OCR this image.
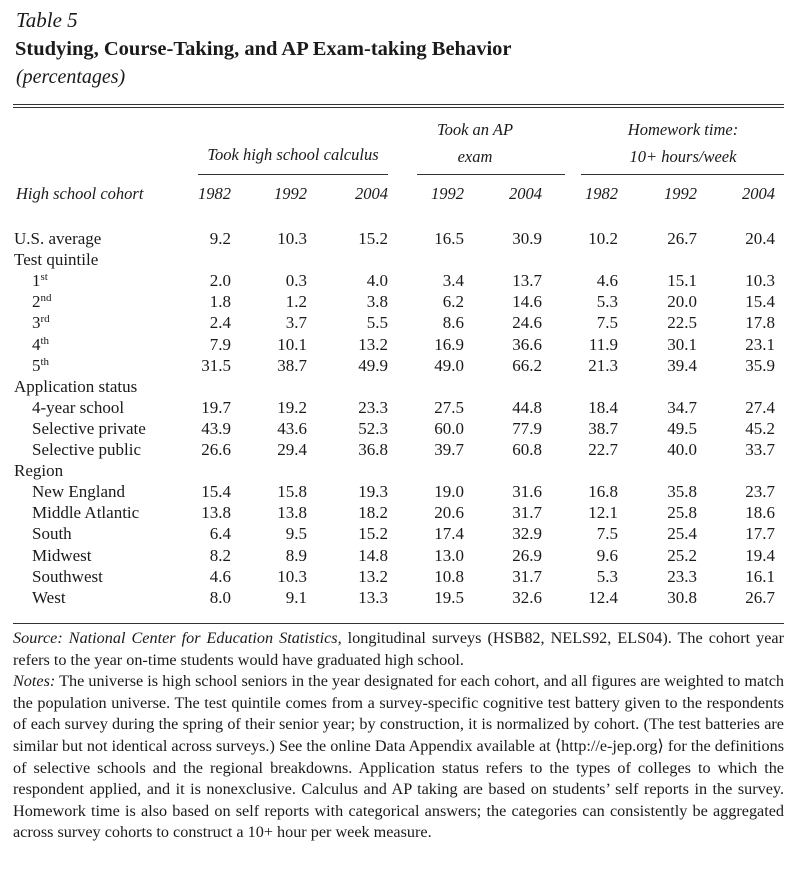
Table 5
Studying, Course-Taking, and AP Exam-taking Behavior
(percentages)
Took high school calculus
Took an AP
exam
Homework time:
10+ hours/week
High school cohort	1982	1992	2004	1992	2004	1982	1992	2004
U.S. average	9.2	10.3	15.2	16.5	30.9	10.2	26.7	20.4
Test quintile
1st	2.0	0.3	4.0	3.4	13.7	4.6	15.1	10.3
2nd	1.8	1.2	3.8	6.2	14.6	5.3	20.0	15.4
3rd	2.4	3.7	5.5	8.6	24.6	7.5	22.5	17.8
4th	7.9	10.1	13.2	16.9	36.6	11.9	30.1	23.1
5th	31.5	38.7	49.9	49.0	66.2	21.3	39.4	35.9
Application status
4-year school	19.7	19.2	23.3	27.5	44.8	18.4	34.7	27.4
Selective private	43.9	43.6	52.3	60.0	77.9	38.7	49.5	45.2
Selective public	26.6	29.4	36.8	39.7	60.8	22.7	40.0	33.7
Region
New England	15.4	15.8	19.3	19.0	31.6	16.8	35.8	23.7
Middle Atlantic	13.8	13.8	18.2	20.6	31.7	12.1	25.8	18.6
South	6.4	9.5	15.2	17.4	32.9	7.5	25.4	17.7
Midwest	8.2	8.9	14.8	13.0	26.9	9.6	25.2	19.4
Southwest	4.6	10.3	13.2	10.8	31.7	5.3	23.3	16.1
West	8.0	9.1	13.3	19.5	32.6	12.4	30.8	26.7

Source: National Center for Education Statistics, longitudinal surveys (HSB82, NELS92, ELS04). The cohort year refers to the year on-time students would have graduated high school.

Notes: The universe is high school seniors in the year designated for each cohort, and all figures are weighted to match the population universe. The test quintile comes from a survey-specific cognitive test battery given to the respondents of each survey during the spring of their senior year; by construction, it is normalized by cohort. (The test batteries are similar but not identical across surveys.) See the online Data Appendix available at ⟨http://e-jep.org⟩ for the definitions of selective schools and the regional breakdowns. Application status refers to the types of colleges to which the respondent applied, and it is nonexclusive. Calculus and AP taking are based on students’ self reports in the survey. Homework time is also based on self reports with categorical answers; the categories can consistently be aggregated across survey cohorts to construct a 10+ hour per week measure.
